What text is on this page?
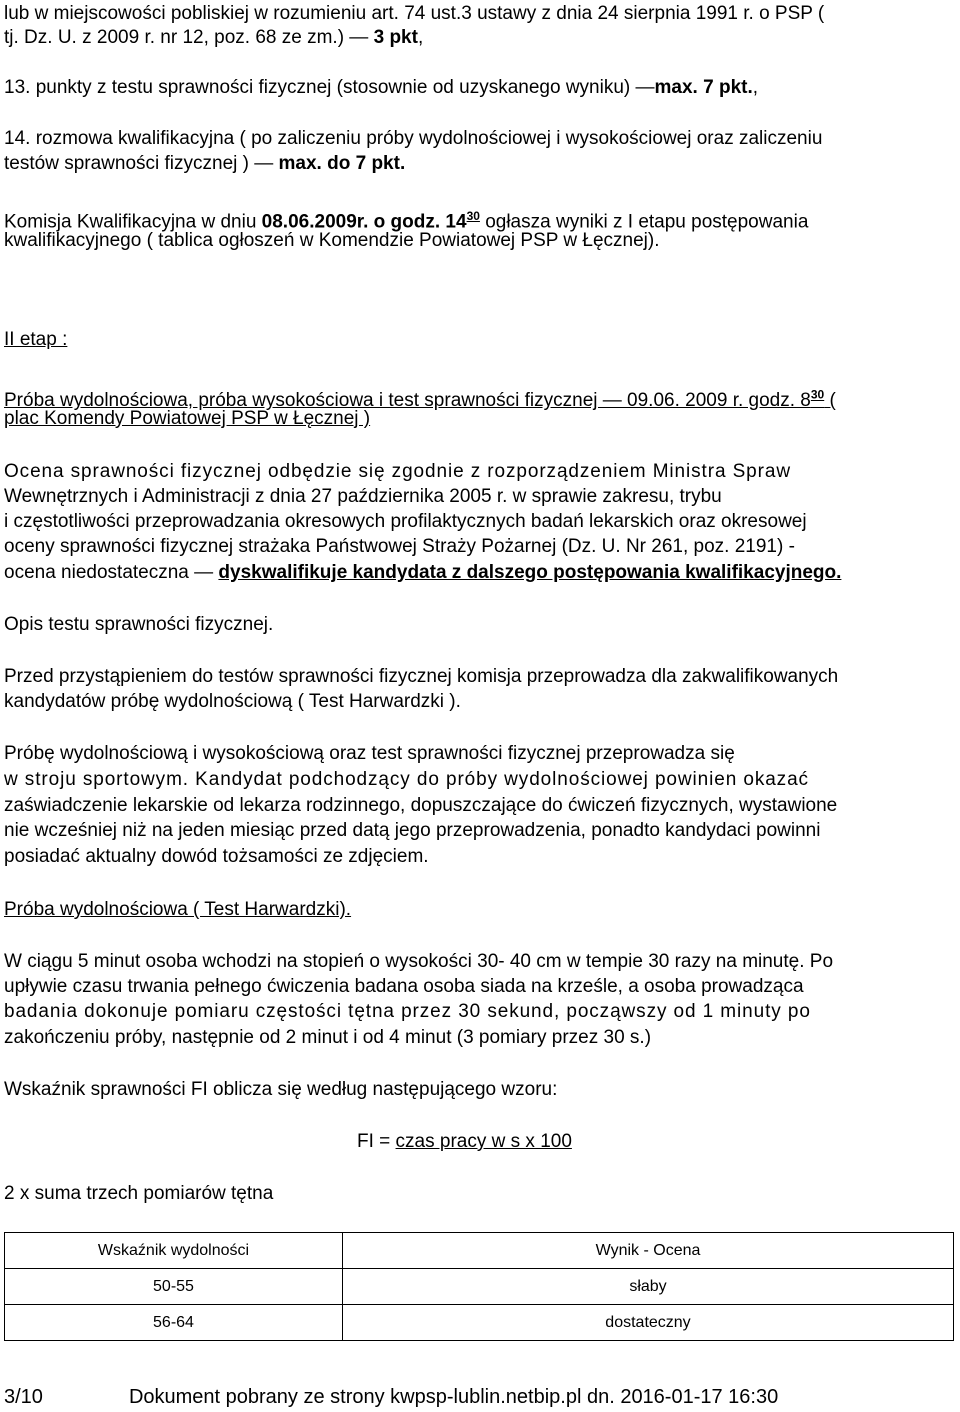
lub w miejscowości pobliskiej w rozumieniu art. 74 ust.3 ustawy z dnia 24 sierpnia 1991 r. o PSP (
tj. Dz. U. z 2009 r. nr 12, poz. 68 ze zm.) ― 3 pkt,
13. punkty z testu sprawności fizycznej (stosownie od uzyskanego wyniku) ―max. 7 pkt.,
14. rozmowa kwalifikacyjna ( po zaliczeniu próby wydolnościowej i wysokościowej oraz zaliczeniu
testów sprawności fizycznej ) ― max. do 7 pkt.
Komisja Kwalifikacyjna w dniu 08.06.2009r. o godz. $14^{30}$ ogłasza wyniki z I etapu postępowania
kwalifikacyjnego ( tablica ogłoszeń w Komendzie Powiatowej PSP w Łęcznej).
II etap :
Próba wydolnościowa, próba wysokościowa i test sprawności fizycznej ― 09.06. 2009 r. godz. $8^{30}$ (
plac Komendy Powiatowej PSP w Łęcznej )
Ocena sprawności fizycznej odbędzie się zgodnie z rozporządzeniem Ministra Spraw
Wewnętrznych i Administracji z dnia 27 października 2005 r. w sprawie zakresu, trybu
i częstotliwości przeprowadzania okresowych profilaktycznych badań lekarskich oraz okresowej
oceny sprawności fizycznej strażaka Państwowej Straży Pożarnej (Dz. U. Nr 261, poz. 2191) -
ocena niedostateczna ― dyskwalifikuje kandydata z dalszego postępowania kwalifikacyjnego.
Opis testu sprawności fizycznej.
Przed przystąpieniem do testów sprawności fizycznej komisja przeprowadza dla zakwalifikowanych
kandydatów próbę wydolnościową ( Test Harwardzki ).
Próbę wydolnościową i wysokościową oraz test sprawności fizycznej przeprowadza się
w stroju sportowym. Kandydat podchodzący do próby wydolnościowej powinien okazać
zaświadczenie lekarskie od lekarza rodzinnego, dopuszczające do ćwiczeń fizycznych, wystawione
nie wcześniej niż na jeden miesiąc przed datą jego przeprowadzenia, ponadto kandydaci powinni
posiadać aktualny dowód tożsamości ze zdjęciem.
Próba wydolnościowa ( Test Harwardzki).
W ciągu 5 minut osoba wchodzi na stopień o wysokości 30- 40 cm w tempie 30 razy na minutę. Po
upływie czasu trwania pełnego ćwiczenia badana osoba siada na krześle, a osoba prowadząca
badania dokonuje pomiaru częstości tętna przez 30 sekund, począwszy od 1 minuty po
zakończeniu próby, następnie od 2 minut i od 4 minut (3 pomiary przez 30 s.)
Wskaźnik sprawności FI oblicza się według następującego wzoru:
FI = czas pracy w s x 100
2 x suma trzech pomiarów tętna
Wskaźnik wydolności	Wynik - Ocena
50-55	słaby
56-64	dostateczny
3/10	Dokument pobrany ze strony kwpsp-lublin.netbip.pl dn. 2016-01-17 16:30
